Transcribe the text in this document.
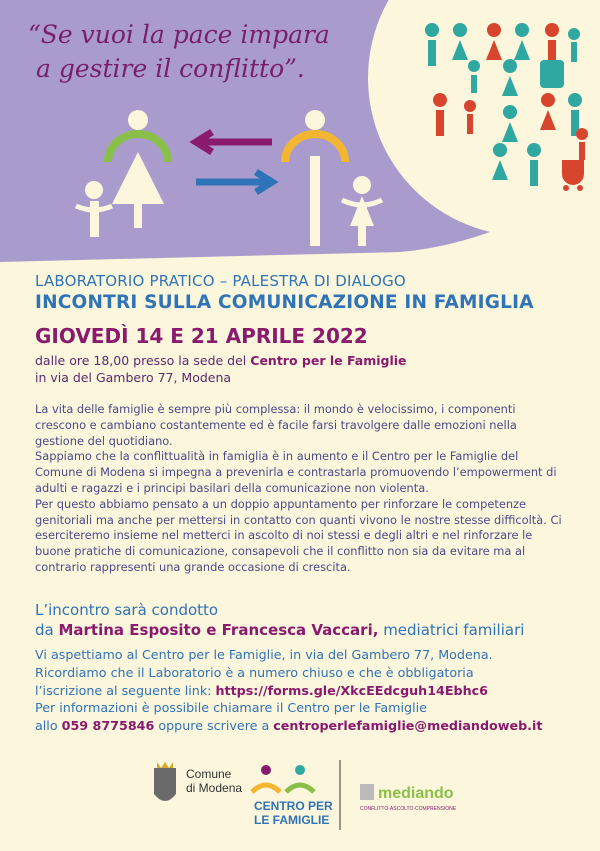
“Se vuoi la pace impara
a gestire il conflitto”.
LABORATORIO PRATICO – PALESTRA DI DIALOGO
INCONTRI SULLA COMUNICAZIONE IN FAMIGLIA
GIOVEDÌ 14 E 21 APRILE 2022
dalle ore 18,00 presso la sede del Centro per le Famiglie
in via del Gambero 77, Modena

La vita delle famiglie è sempre più complessa: il mondo è velocissimo, i componenti crescono e cambiano costantemente ed è facile farsi travolgere dalle emozioni nella gestione del quotidiano.

Sappiamo che la conflittualità in famiglia è in aumento e il Centro per le Famiglie del Comune di Modena si impegna a prevenirla e contrastarla promuovendo l’empowerment di adulti e ragazzi e i principi basilari della comunicazione non violenta.

Per questo abbiamo pensato a un doppio appuntamento per rinforzare le competenze genitoriali ma anche per mettersi in contatto con quanti vivono le nostre stesse difficoltà. Ci eserciteremo insieme nel metterci in ascolto di noi stessi e degli altri e nel rinforzare le buone pratiche di comunicazione, consapevoli che il conflitto non sia da evitare ma al contrario rappresenti una grande occasione di crescita.

L’incontro sarà condotto
da Martina Esposito e Francesca Vaccari, mediatrici familiari
Vi aspettiamo al Centro per le Famiglie, in via del Gambero 77, Modena.
Ricordiamo che il Laboratorio è a numero chiuso e che è obbligatoria
l’iscrizione al seguente link: https://forms.gle/XkcEEdcguh14Ebhc6
Per informazioni è possibile chiamare il Centro per le Famiglie
allo 059 8775846 oppure scrivere a centroperlefamiglie@mediandoweb.it
Comune
di Modena
CENTRO PER
LE FAMIGLIE
mediando
CONFLITTO·ASCOLTO·COMPRENSIONE
